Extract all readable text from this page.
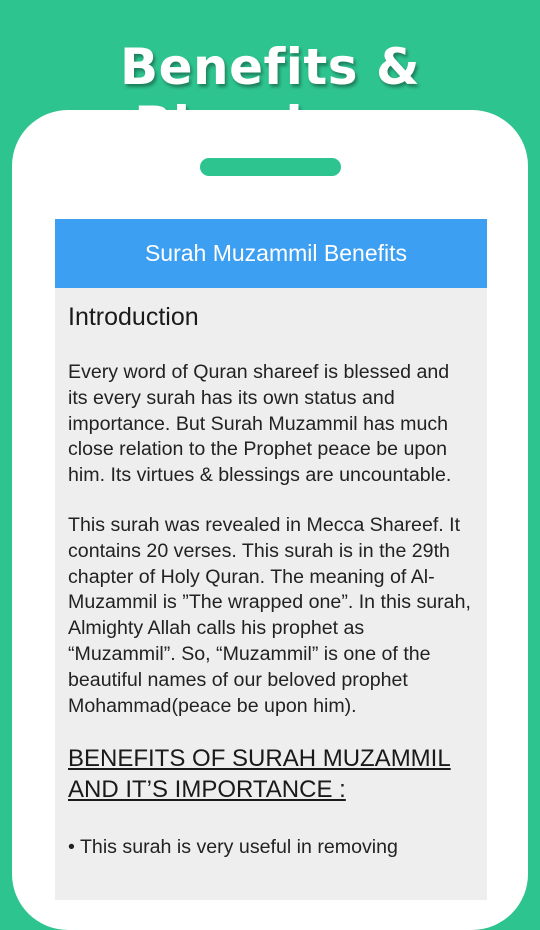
Benefits &
Surah Muzammil Benefits
Introduction

Every word of Quran shareef is blessed and its every surah has its own status and importance. But Surah Muzammil has much close relation to the Prophet peace be upon him. Its virtues & blessings are uncountable.

This surah was revealed in Mecca Shareef. It contains 20 verses. This surah is in the 29th chapter of Holy Quran. The meaning of Al-Muzammil is ”The wrapped one”. In this surah, Almighty Allah calls his prophet as “Muzammil”. So, “Muzammil” is one of the beautiful names of our beloved prophet Mohammad(peace be upon him).

BENEFITS OF SURAH MUZAMMIL AND IT’S IMPORTANCE :
• This surah is very useful in removing
